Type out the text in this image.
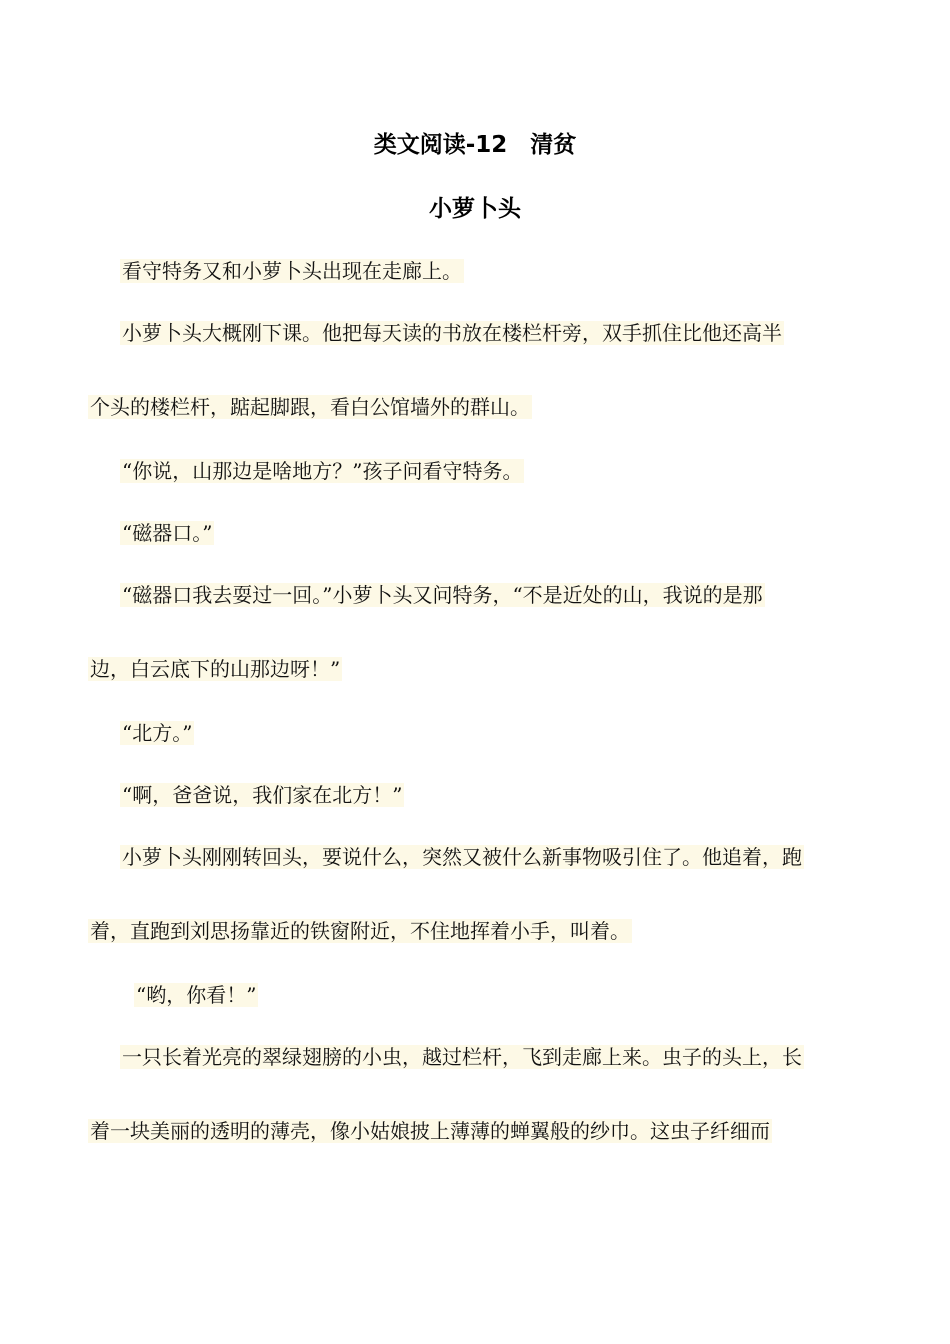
类文阅读-12　清贫
小萝卜头
看守特务又和小萝卜头出现在走廊上。
小萝卜头大概刚下课。他把每天读的书放在楼栏杆旁，双手抓住比他还高半
个头的楼栏杆，踮起脚跟，看白公馆墙外的群山。
“你说，山那边是啥地方？”孩子问看守特务。
“磁器口。”
“磁器口我去耍过一回。”小萝卜头又问特务，“不是近处的山，我说的是那
边，白云底下的山那边呀！”
“北方。”
“啊，爸爸说，我们家在北方！”
小萝卜头刚刚转回头，要说什么，突然又被什么新事物吸引住了。他追着，跑
着，直跑到刘思扬靠近的铁窗附近，不住地挥着小手，叫着。
“哟，你看！”
一只长着光亮的翠绿翅膀的小虫，越过栏杆，飞到走廊上来。虫子的头上，长
着一块美丽的透明的薄壳，像小姑娘披上薄薄的蝉翼般的纱巾。这虫子纤细而
